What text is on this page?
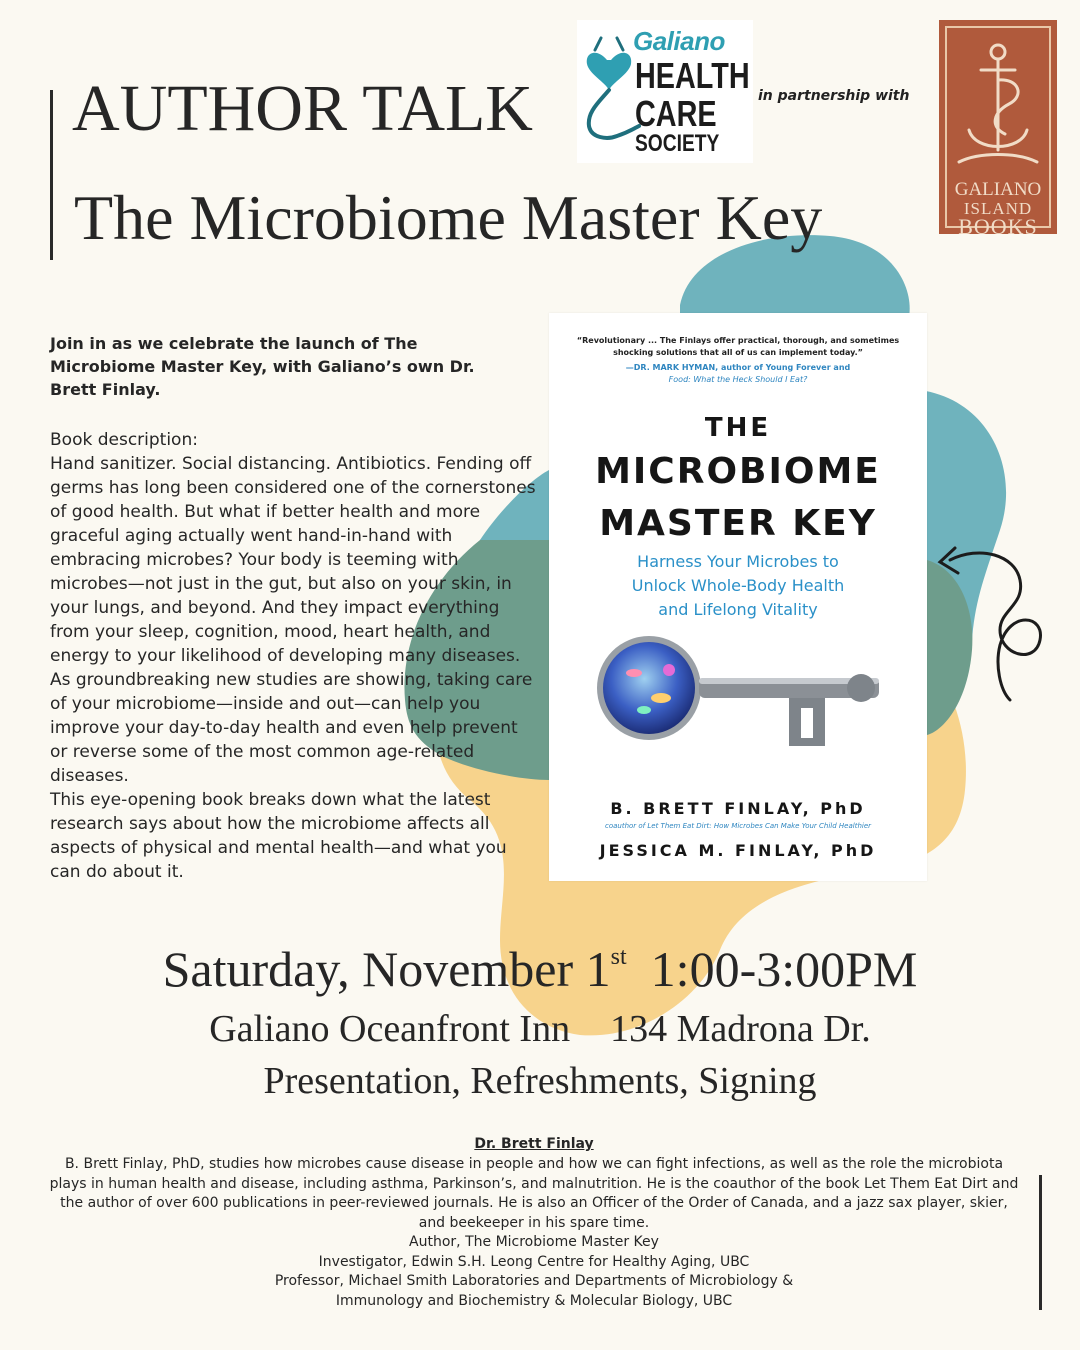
AUTHOR TALK
The Microbiome Master Key
Galiano
HEALTH
CARE
SOCIETY
in partnership with
GALIANO
ISLAND
BOOKS
Join in as we celebrate the launch of The Microbiome Master Key, with Galiano’s own Dr. Brett Finlay.

Book description:

Hand sanitizer. Social distancing. Antibiotics. Fending off germs has long been considered one of the cornerstones of good health. But what if better health and more graceful aging actually went hand-in-hand with embracing microbes? Your body is teeming with microbes—not just in the gut, but also on your skin, in your lungs, and beyond. And they impact everything from your sleep, cognition, mood, heart health, and energy to your likelihood of developing many diseases. As groundbreaking new studies are showing, taking care of your microbiome—inside and out—can help you improve your day-to-day health and even help prevent or reverse some of the most common age-related diseases.

This eye-opening book breaks down what the latest research says about how the microbiome affects all aspects of physical and mental health—and what you can do about it.

“Revolutionary ... The Finlays offer practical, thorough, and sometimes shocking solutions that all of us can implement today.”
—DR. MARK HYMAN, author of Young Forever and
Food: What the Heck Should I Eat?
THE
MICROBIOME
MASTER KEY
Harness Your Microbes to
Unlock Whole-Body Health
and Lifelong Vitality
B. BRETT FINLAY, PhD
coauthor of Let Them Eat Dirt: How Microbes Can Make Your Child Healthier
JESSICA M. FINLAY, PhD
Saturday, November 1st 1:00-3:00PM
Galiano Oceanfront Inn 134 Madrona Dr.
Presentation, Refreshments, Signing
Dr. Brett Finlay
B. Brett Finlay, PhD, studies how microbes cause disease in people and how we can fight infections, as well as the role the microbiota plays in human health and disease, including asthma, Parkinson’s, and malnutrition. He is the coauthor of the book Let Them Eat Dirt and the author of over 600 publications in peer-reviewed journals. He is also an Officer of the Order of Canada, and a jazz sax player, skier, and beekeeper in his spare time.
Author, The Microbiome Master Key
Investigator, Edwin S.H. Leong Centre for Healthy Aging, UBC
Professor, Michael Smith Laboratories and Departments of Microbiology &
Immunology and Biochemistry & Molecular Biology, UBC
